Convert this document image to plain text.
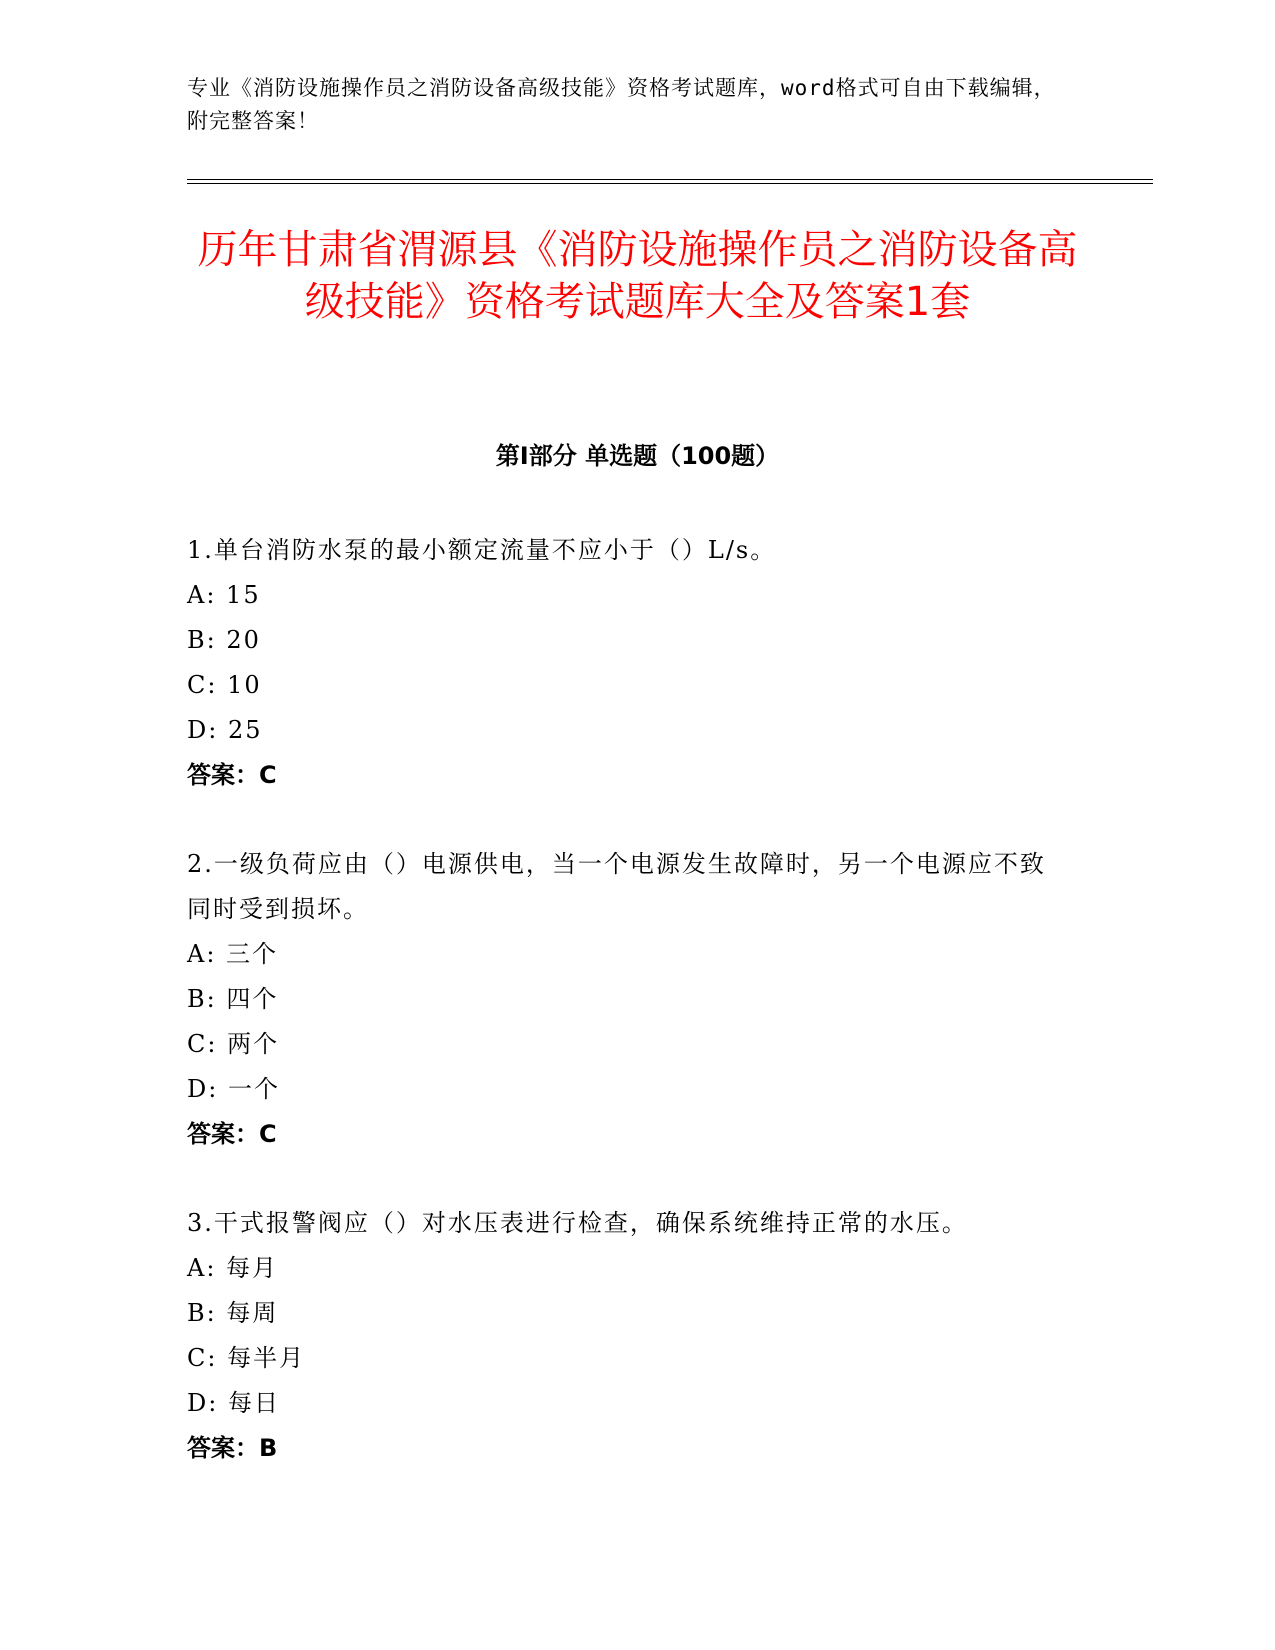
专业《消防设施操作员之消防设备高级技能》资格考试题库，word格式可自由下载编辑，附完整答案！
历年甘肃省渭源县《消防设施操作员之消防设备高级技能》资格考试题库大全及答案1套
第Ⅰ部分 单选题（100题）
1.单台消防水泵的最小额定流量不应小于（）L/s。
A: 15
B: 20
C: 10
D: 25
答案：C
2.一级负荷应由（）电源供电，当一个电源发生故障时，另一个电源应不致同时受到损坏。
A: 三个
B: 四个
C: 两个
D: 一个
答案：C
3.干式报警阀应（）对水压表进行检查，确保系统维持正常的水压。
A: 每月
B: 每周
C: 每半月
D: 每日
答案：B
